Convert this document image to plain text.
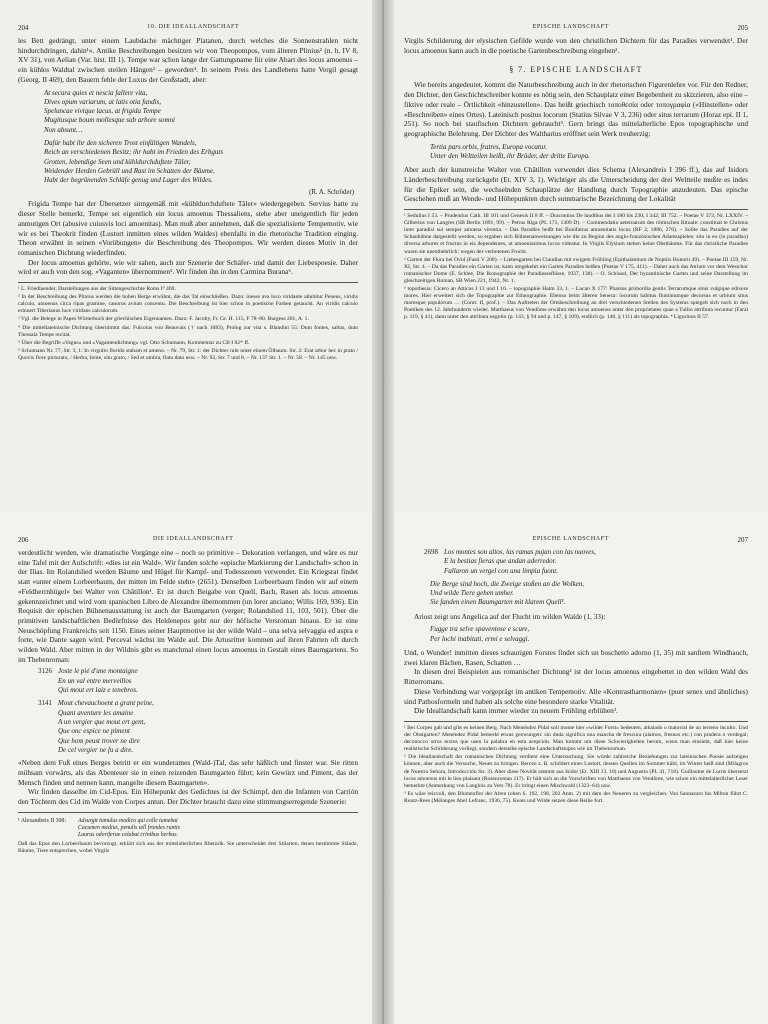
204	10. DIE IDEALLANDSCHAFT

les Bett gedrängt, unter einem Laubdache mächtiger Platanen, durch welches die Sonnenstrahlen nicht hindurchdringen, dahin¹». Antike Beschreibungen besitzen wir von Theopompos, vom älteren Plinius² (n. h. IV 8, XV 31), von Aelian (Var. hist. III 1). Tempe war schon lange der Gattungsname für eine Abart des locus amoenus – ein kühles Waldtal zwischen steilen Hängen³ – geworden⁴. In seinem Preis des Landlebens hatte Vergil gesagt (Georg. II 469), den Bauern fehle der Luxus der Großstadt, aber:

At secura quies et nescia fallere vita,
Dives opum variarum, at latis otia fundis,
Speluncae vivique lacus, at frigida Tempe
Mugitusque boum mollesque sub arbore somni
Non absunt…
Dafür habt ihr den sicheren Trost einfältigen Wandels,
Reich an verschiedenen Besitz; ihr habt im Frieden des Erbguts
Grotten, lebendige Seen und kühldurchduftete Täler,
Weidender Herden Gebrüll und Rast im Schatten der Bäume,
Habt der begrünenden Schläfe genug und Lager des Wildes.
(R. A. Schröder)

Frigida Tempe hat der Übersetzer sinngemäß mit «kühldurchduftete Täler» wiedergegeben. Servius hatte zu dieser Stelle bemerkt, Tempe sei eigentlich ein locus amoenus Thessaliens, stehe aber uneigentlich für jeden anmutigen Ort (abusive cuiusvis loci amoenitas). Man muß aber annehmen, daß die spezialisierte Tempemotiv, wie wir es bei Theokrit finden (Lustort inmitten eines wilden Waldes) ebenfalls in die rhetorische Tradition einging. Theon erwähnt in seinen «Vorübungen» die Beschreibung des Theopompos. Wir werden dieses Motiv in der romanischen Dichtung wiederfinden.

Der locus amoenus gehörte, wie wir sahen, auch zur Szenerie der Schäfer- und damit der Liebespoesie. Daher wird er auch von den sog. «Vaganten» übernommen⁵. Wir finden ihn in den Carmina Burana⁶.

¹ L. Friedlaender, Darstellungen aus der Sittengeschichte Roms I⁹ 469.

² In der Beschreibung des Plinius werden die hohen Berge erwähnt, die das Tal einschließen. Dazu: inesse ava loco viridante allubitur Peneus, viridis calculo, amoenus circa ripas gramine, canorus avium concentu. Die Beschreibung ist hier schon in poetische Farben getaucht. An viridis calculo erinnert Tiberianus luce viridans calculorum.

³ Vgl. die Belege in Papes Wörterbuch der griechischen Eigennamen. Dazu: F. Jacoby, Fr. Gr. H. 115, F 78–80. Burgess 201, A. 1.

⁴ Die mittellateinische Dichtung übernimmt das. Fulcoius von Beauvais († nach 1083), Prolog zur vita s. Blandini 55: Dum fontes, saltus, dum Thessala Tempe recitat.

⁵ Über die Begriffe «Vagus» und «Vagantendichtung» vgl. Otto Schumann, Kommentar zu CB I 82* ff.

⁶ Schumann Nr. 77, Str. 3, 1: In virgulto florido stabam et ameno. – Nr. 79, Str. 1: der Dichter ruht unter einem Ölbaum. Str. 2: Erat arbor hec in prato / Quovis flore picturato, / Herba, fonte, situ grato, / Sed et umbra, flatu dato usw. – Nr. 92, Str. 7 und 8. – Nr. 137 Str. 1. – Nr. 58. – Nr. 145 usw.

EPISCHE LANDSCHAFT	205

Virgils Schilderung der elysischen Gefilde wurde von den christlichen Dichtern für das Paradies verwendet¹. Der locus amoenus kann auch in die poetische Gartenbeschreibung eingehen².

§ 7. EPISCHE LANDSCHAFT

Wie bereits angedeutet, kommt die Naturbeschreibung auch in der rhetorischen Figurenlehre vor. Für den Redner, den Dichter, den Geschichtschreiber konnte es nötig sein, den Schauplatz einer Begebenheit zu skizzieren, also eine – fiktive oder reale – Örtlichkeit «hinzustellen». Das heißt griechisch τοποθεσία oder τοπογραφία («Hinstellen» oder «Beschreiben» eines Ortes). Lateinisch positus locorum (Statius Silvae V 3, 236) oder situs terrarum (Horaz epi. II 1, 251). So noch bei staufischen Dichtern gebraucht³. Gern bringt das mittelalterliche Epos topographische und geographische Belehrung. Der Dichter des Waltharius eröffnet sein Werk treuherzig:

Tertia pars orbis, fratres, Europa vocatur.
Unter den Weltteilen heißt, ihr Brüder, der dritte Europa.

Aber auch der kunstreiche Walter von Châtillon verwendet dies Schema (Alexandreis I 396 ff.), das auf Isidors Länderbeschreibung zurückgeht (Et. XIV 3, 1). Wichtiger als die Unterscheidung der drei Weltteile mußte es indes für die Epiker sein, die wechselnden Schauplätze der Handlung durch Topographie anzudeuten. Das epische Geschehen muß an Wende- und Höhepunkten durch summarische Bezeichnung der Lokalität

¹ Sedulius I 53. – Prudentius Cath. III 101 und Genesis II 8 ff. – Dracontius De laudibus dei I 180 bis 230; I 342; III 752. – Poetae V 373, Nr. LXXIV. – Gilbertus von Langres (SB Berlin 1891, 99). – Petrus Riga (PL 171, 1309 D). – Commendatio aeternarum des römischen Rituale: constituat te Christus inter paradisi sui semper amoena virentia. – Das Paradies heißt bei Bonifatius amoenitatis locus (RF 2, 1886, 276). – Sollte das Paradies auf der Schaubühne dargestellt werden, so ergaben sich Bühnenanweisungen wie die zu Beginn des anglo-französischen Adamsspieles: situ in eo (in paradiso) diversa arbores et fructus in eis dependentes, ut amoenissimus locus videatur. In Virgils Elysium stehen keine Obstbäume. Für das christliche Paradies waren sie unentbehrlich: wegen der verbotenen Frucht.

² Garten der Flora bei Ovid (Fasti V 208). – Liebesgarten bei Claudian mit ewigem Frühling (Epithalamium de Nuptiis Honorii 49). – Poetae III 159, Nr. XI, Str. 4. – Da das Paradies ein Garten ist, kann umgekehrt ein Garten Paradies heißen (Poetae V 175, 411). – Daher auch das Atrium vor dem Westchor romanischer Dome (E. Schlee, Die Ikonographie der Paradiesesflüsse, 1937, 138). – O. Schissel, Der byzantinische Garten und seine Darstellung im gleichzeitigen Roman, SB Wien 221, 1942, Nr. 1.

³ topothesia: Cicero an Atticus I 13 und I 16. – topographie Haim 33, 1. – Lucan X 177: Pharsus primordia gentis Terrarumque situs vulgique edixere mores. Hier erweitert sich die Topographie zur Ethnographie. Ebenso beim älteren Seneca: locorum habitus fluminumque decursus et urbium situs moresque populorum … (Contr. II, prof.). – Das Auftreten der Ortsbeschreibung an drei verschiedenen Stellen des Systems spiegelt sich noch in den Poetiken des 12. Jahrhunderts wieder. Matthaeus von Vendôme erwähnt den locus amoenus unter den proprietates quae a Tullio attributa recuntur (Faral p. 119, § 41), dann unter den attributa negotio (p. 143, § 94 und p. 147, § 109), endlich (p. 148, § 111) als topographia. ⁴ Ligurinus II 57.

206	DIE IDEALLANDSCHAFT

verdeutlicht werden, wie dramatische Vorgänge eine – noch so primitive – Dekoration verlangen, und wäre es nur eine Tafel mit der Aufschrift: «dies ist ein Wald». Wir fanden solche «epische Markierung der Landschaft» schon in der Ilias. Im Rolandslied werden Bäume und Hügel für Kampf- und Todesszenen verwendet. Ein Kriegsrat findet statt «unter einem Lorbeerbaum, der mitten im Felde steht» (2651). Denselben Lorbeerbaum finden wir auf einem «Feldherrnhügel» bei Walter von Châtillon¹. Er ist durch Beigabe von Quell, Bach, Rasen als locus amoenus gekennzeichnet und wird vom spanischen Libro de Alexandre übernommen (un lorer anciano; Willis 169, 936). Ein Requisit der epischen Bühnenausstattung ist auch der Baumgarten (verger; Rolandslied 11, 103, 501). Über die primitiven landschaftlichen Bedürfnisse des Heldenepos geht nur der höfische Versroman hinaus. Er ist eine Neuschöpfung Frankreichs seit 1150. Eines seiner Hauptmotive ist der wilde Wald – una selva selvaggia ed aspra e forte, wie Dante sagen wird. Perceval wächst im Walde auf. Die Artusritter kommen auf ihren Fahrten oft durch wilden Wald. Aber mitten in der Wildnis gibt es manchmal einen locus amoenus in Gestalt eines Baumgartens. So im Thebenroman:

3126 Joste le pié d'une montaigne
En un val entre merveillos
Qui mout ert laiz e tenebros.
3141 Mout chevauchoent a grant peine,
Quant aventure les amaine
A un vergier que mout ert gent,
Que onc espice ne piment
Que hom peust trover ne dire
De cel vergier ne fu a dire.

«Neben dem Fuß eines Berges betritt er ein wunderames (Wald-)Tal, das sehr häßlich und finster war. Sie ritten mühsam vorwärts, als das Abenteuer sie in einen reizenden Baumgarten führt; kein Gewürz und Piment, das der Mensch finden und nennen kann, mangelte diesem Baumgarten».

Wir finden dasselbe im Cid-Epos. Ein Höhepunkt des Gedichtes ist der Schimpf, den die Infanten von Carrión den Töchtern des Cid im Walde von Corpes antun. Der Dichter braucht dazu eine stimmungserregende Szenerie:

¹ Alexandreis II 308:	Adsurgit tumulus modico qui colle tumebat
Cacumen medius, penulis tell frondes runtis
Laurus odoriferae celabat crinibus herbas.

Daß das Epos den Lorbeerbaum bevorzugt, erklärt sich aus der mittelalterlichen Rhetorik. Sie unterscheidet drei Stilarten, denen bestimmte Stände, Bäume, Tiere entsprechen, wobei Virgils

EPISCHE LANDSCHAFT	207
2698 Los montes son altos, las ramas pujan con las nuoves,
E la bestias fieras que andan aderredor.
Fallaron un vergel con una limpia fuont.
Die Berge sind hoch, die Zweige stoßen an die Wolken,
Und wilde Tiere gehen umher.
Sie fanden einen Baumgarten mit klarem Quell¹.

Ariost zeigt uns Angelica auf der Flucht im wilden Walde (1, 33):

Fugge tra selve spaventose e scure,
Per lochi inabitati, ermi e selvaggi.

Und, o Wunder! inmitten dieses schaurigen Forstes findet sich un boschetto adorno (1, 35) mit sanftem Windhauch, zwei klaren Bächen, Rasen, Schatten …

In diesen drei Beispielen aus romanischer Dichtung² ist der locus amoenus eingebettet in den wilden Wald des Ritterromans.

Diese Verbindung war vorgeprägt im antiken Tempemotiv. Alle «Kontrastharmonien» (puer senex und ähnliches) sind Pathosformeln und haben als solche eine besondere starke Vitalität.

Die Ideallandschaft kann immer wieder zu neuem Frühling erblühen³.

¹ Bei Corpes gab und gibt es keinen Berg. Nach Menéndez Pidal soll monte hier «wilder Forst» bedeuten, athalado o matorral de un terreno inculto. Und der Obstgarten? Menéndez Pidal bemerkt etwas gezwungen: sin duda significa una mancha de frescura (alamos, fresnos etc.) con pradera o verdegal; deconocco otros textos que usen la palabra en esta acepción. Man kommt um diese Schwierigkeiten herum, wenn man einsieht, daß hier keine realistische Schilderung vorliegt, sondern derselbe epische Landschaftstopos wie im Thebenroman.

² Die Ideallandschaft der romanischen Dichtung verdient eine Untersuchung. Sie würde zahlreiche Beziehungen zur lateinischen Poesie aufzeigen können, aber auch die Versuche, Neues zu bringen. Berceo z. B. schildert eines Lustort, dessen Quellen im Sommer kühl, im Winter heiß sind (Milagros de Nuestra Señora, Introducción Str. 3). Aber diese Novität stammt aus Isidor (Et. XIII 13, 10) und Augustin (PL 41, 718). Guillaume de Lorris übersetzt locus amoenus mit le lieu plaisant (Rosenroman 117). Er hält sich an die Vorschriften von Matthaeus von Vendôme, wie schon ein mittelalterlicher Leser bemerkte (Anmerkung von Langlois zu Vers 78). Er bringt einen Mischwald (1323–64) usw.

³ Es wäre reizvoll, den Blumenflor der Alten (oben S. 192, 198, 202 Anm. 2) mit dem der Neueren zu vergleichen. Von Sannazaro bis Milton führt C. Ruutz-Rees (Mélanges Abel Lefranc, 1936, 75). Keats und Wilde setzen diese Reihe fort.
